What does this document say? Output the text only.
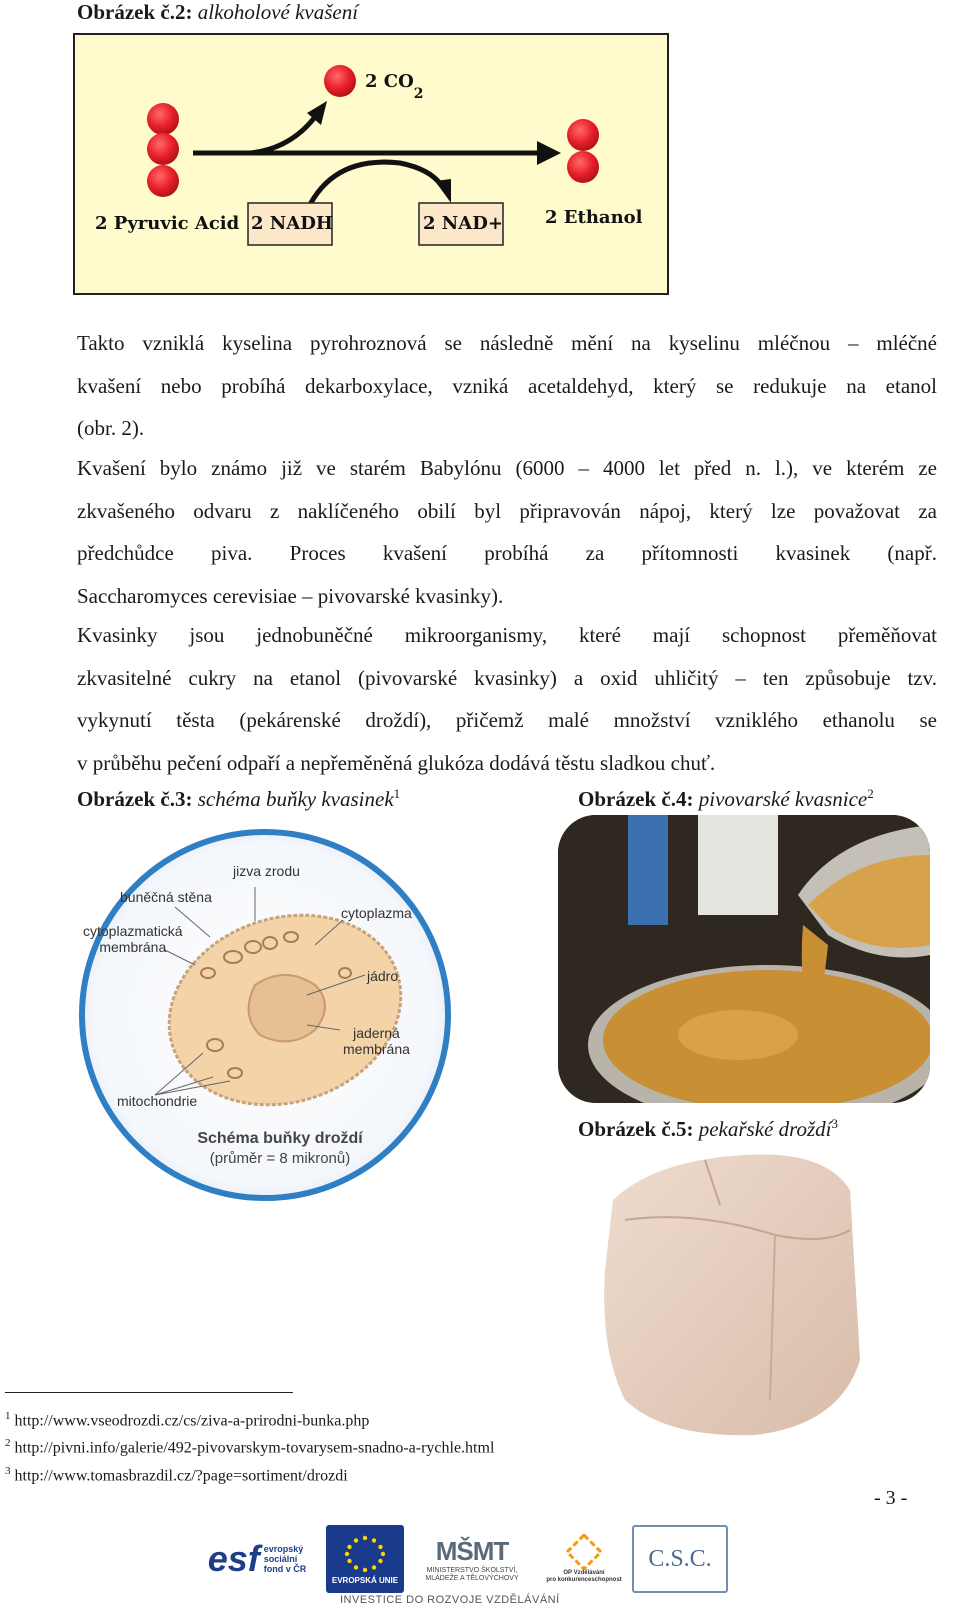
Obrázek č.2: alkoholové kvašení
2 Pyruvic Acid 2 NADH	2 NAD+ 2 Ethanol
2 $CO_2$
Takto vzniklá kyselina pyrohroznová se následně mění na kyselinu mléčnou – mléčné
kvašení nebo probíhá dekarboxylace, vzniká acetaldehyd, který se redukuje na etanol
(obr. 2).
Kvašení bylo známo již ve starém Babylónu (6000 – 4000 let před n. l.), ve kterém ze
zkvašeného odvaru z naklíčeného obilí byl připravován nápoj, který lze považovat za
předchůdce piva. Proces kvašení probíhá za přítomnosti kvasinek (např.
Saccharomyces cerevisiae – pivovarské kvasinky).
Kvasinky jsou jednobuněčné mikroorganismy, které mají schopnost přeměňovat
zkvasitelné cukry na etanol (pivovarské kvasinky) a oxid uhličitý – ten způsobuje tzv.
vykynutí těsta (pekárenské droždí), přičemž malé množství vzniklého ethanolu se
v průběhu pečení odpaří a nepřeměněná glukóza dodává těstu sladkou chuť.
Obrázek č.3: schéma buňky kvasinek$^1$	Obrázek č.4: pivovarské kvasnice$^2$
jizva zrodu
buněčná stěna
cytoplazma
cytoplazmatická
membrána
jádro
jaderná
membrána
mitochondrie
Schéma buňky droždí
(průměr = 8 mikronů)
Obrázek č.5: pekařské droždí$^3$
$^1$ http://www.vseodrozdi.cz/cs/ziva-a-prirodni-bunka.php
$^2$ http://pivni.info/galerie/492-pivovarskym-tovarysem-snadno-a-rychle.html
$^3$ http://www.tomasbrazdil.cz/?page=sortiment/drozdi
- 3 -
esf evropský
sociální
fond v ČR
EVROPSKÁ UNIE
MŠMT
MINISTERSTVO ŠKOLSTVÍ,
MLÁDEŽE A TĚLOVÝCHOVY
OP Vzdělávání
pro konkurenceschopnost
C.S.C.
INVESTICE DO ROZVOJE VZDĚLÁVÁNÍ
